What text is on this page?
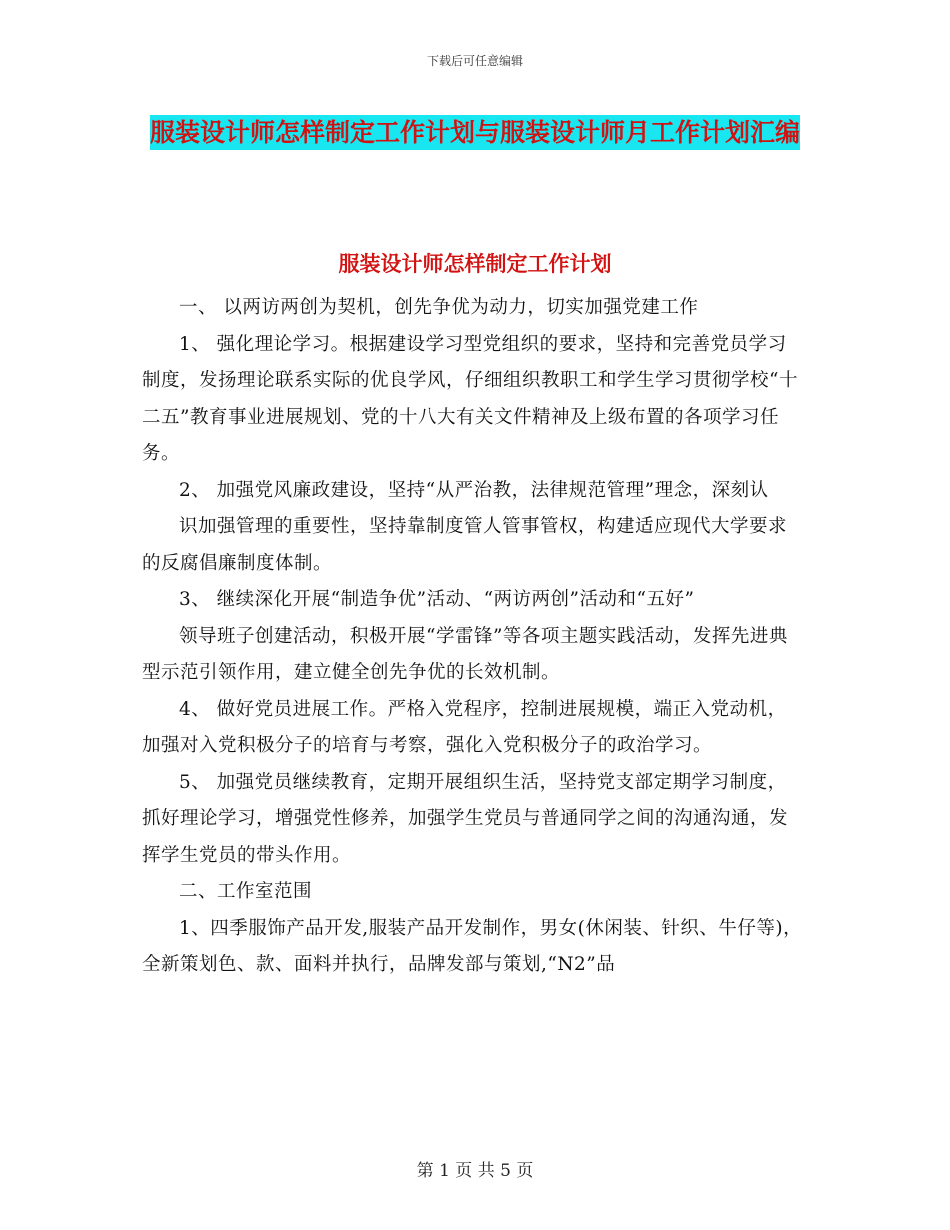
下载后可任意编辑
服装设计师怎样制定工作计划与服装设计师月工作计划汇编
服装设计师怎样制定工作计划

一、 以两访两创为契机，创先争优为动力，切实加强党建工作

1、 强化理论学习。根据建设学习型党组织的要求，坚持和完善党员学习制度，发扬理论联系实际的优良学风，仔细组织教职工和学生学习贯彻学校“十二五”教育事业进展规划、党的十八大有关文件精神及上级布置的各项学习任务。

2、 加强党风廉政建设，坚持“从严治教，法律规范管理”理念，深刻认

识加强管理的重要性，坚持靠制度管人管事管权，构建适应现代大学要求的反腐倡廉制度体制。

3、 继续深化开展“制造争优”活动、“两访两创”活动和“五好”

领导班子创建活动，积极开展“学雷锋”等各项主题实践活动，发挥先进典型示范引领作用，建立健全创先争优的长效机制。

4、 做好党员进展工作。严格入党程序，控制进展规模，端正入党动机，加强对入党积极分子的培育与考察，强化入党积极分子的政治学习。

5、 加强党员继续教育，定期开展组织生活，坚持党支部定期学习制度，抓好理论学习，增强党性修养，加强学生党员与普通同学之间的沟通沟通，发挥学生党员的带头作用。

二、工作室范围

1、四季服饰产品开发,服装产品开发制作，男女(休闲装、针织、牛仔等)，全新策划色、款、面料并执行，品牌发部与策划,“N2”品

第 1 页 共 5 页
